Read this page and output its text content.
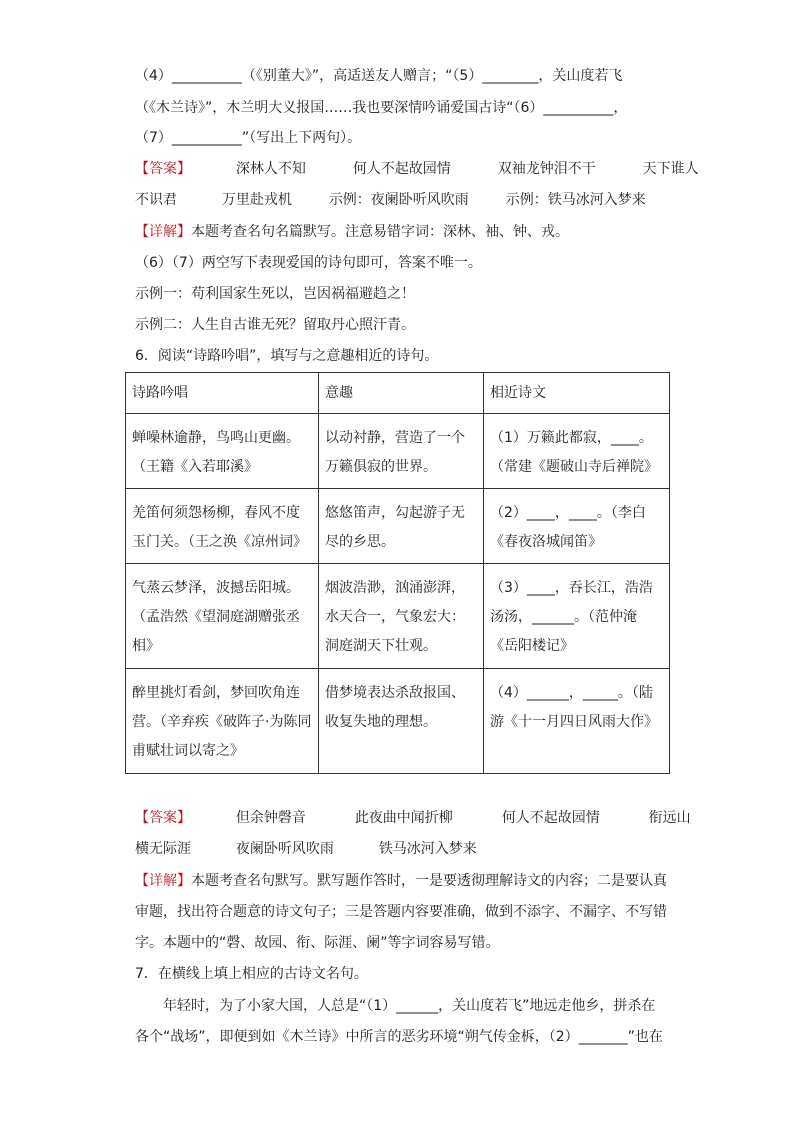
（4）__________（《别董大》”，高适送友人赠言；“（5）________，关山度若飞
（《木兰诗》”，木兰明大义报国……我也要深情吟诵爱国古诗“（6）__________，
（7）__________”（写出上下两句）。
【答案】	深林人不知	何人不起故园情	双袖龙钟泪不干	天下谁人
不识君	万里赴戎机	示例：夜阑卧听风吹雨	示例：铁马冰河入梦来
【详解】本题考查名句名篇默写。注意易错字词：深林、袖、钟、戎。
（6）（7）两空写下表现爱国的诗句即可，答案不唯一。
示例一：苟利国家生死以，岂因祸福避趋之！
示例二：人生自古谁无死？留取丹心照汗青。
6．阅读“诗路吟唱”，填写与之意趣相近的诗句。
诗路吟唱	意趣	相近诗文
蝉噪林逾静，鸟鸣山更幽。（王籍《入若耶溪》	以动衬静，营造了一个万籁俱寂的世界。	（1）万籁此都寂，____。（常建《题破山寺后禅院》
羌笛何须怨杨柳，春风不度玉门关。（王之涣《凉州词》	悠悠笛声，勾起游子无尽的乡思。	（2）____，____。（李白《春夜洛城闻笛》
气蒸云梦泽，波撼岳阳城。（孟浩然《望洞庭湖赠张丞相》	烟波浩渺，汹涌澎湃，水天合一，气象宏大：洞庭湖天下壮观。	（3）____，吞长江，浩浩汤汤，______。（范仲淹《岳阳楼记》
醉里挑灯看剑，梦回吹角连营。（辛弃疾《破阵子·为陈同甫赋壮词以寄之》	借梦境表达杀敌报国、收复失地的理想。	（4）______，_____。（陆游《十一月四日风雨大作》
【答案】	但余钟磬音	此夜曲中闻折柳	何人不起故园情	衔远山
横无际涯	夜阑卧听风吹雨	铁马冰河入梦来
【详解】本题考查名句默写。默写题作答时，一是要透彻理解诗文的内容；二是要认真
审题，找出符合题意的诗文句子；三是答题内容要准确，做到不添字、不漏字、不写错
字。本题中的“磬、故园、衔、际涯、阑”等字词容易写错。
7．在横线上填上相应的古诗文名句。
年轻时，为了小家大国，人总是“（1）______，关山度若飞”地远走他乡，拼杀在
各个“战场”，即便到如《木兰诗》中所言的恶劣环境“朔气传金柝，（2）_______”也在
